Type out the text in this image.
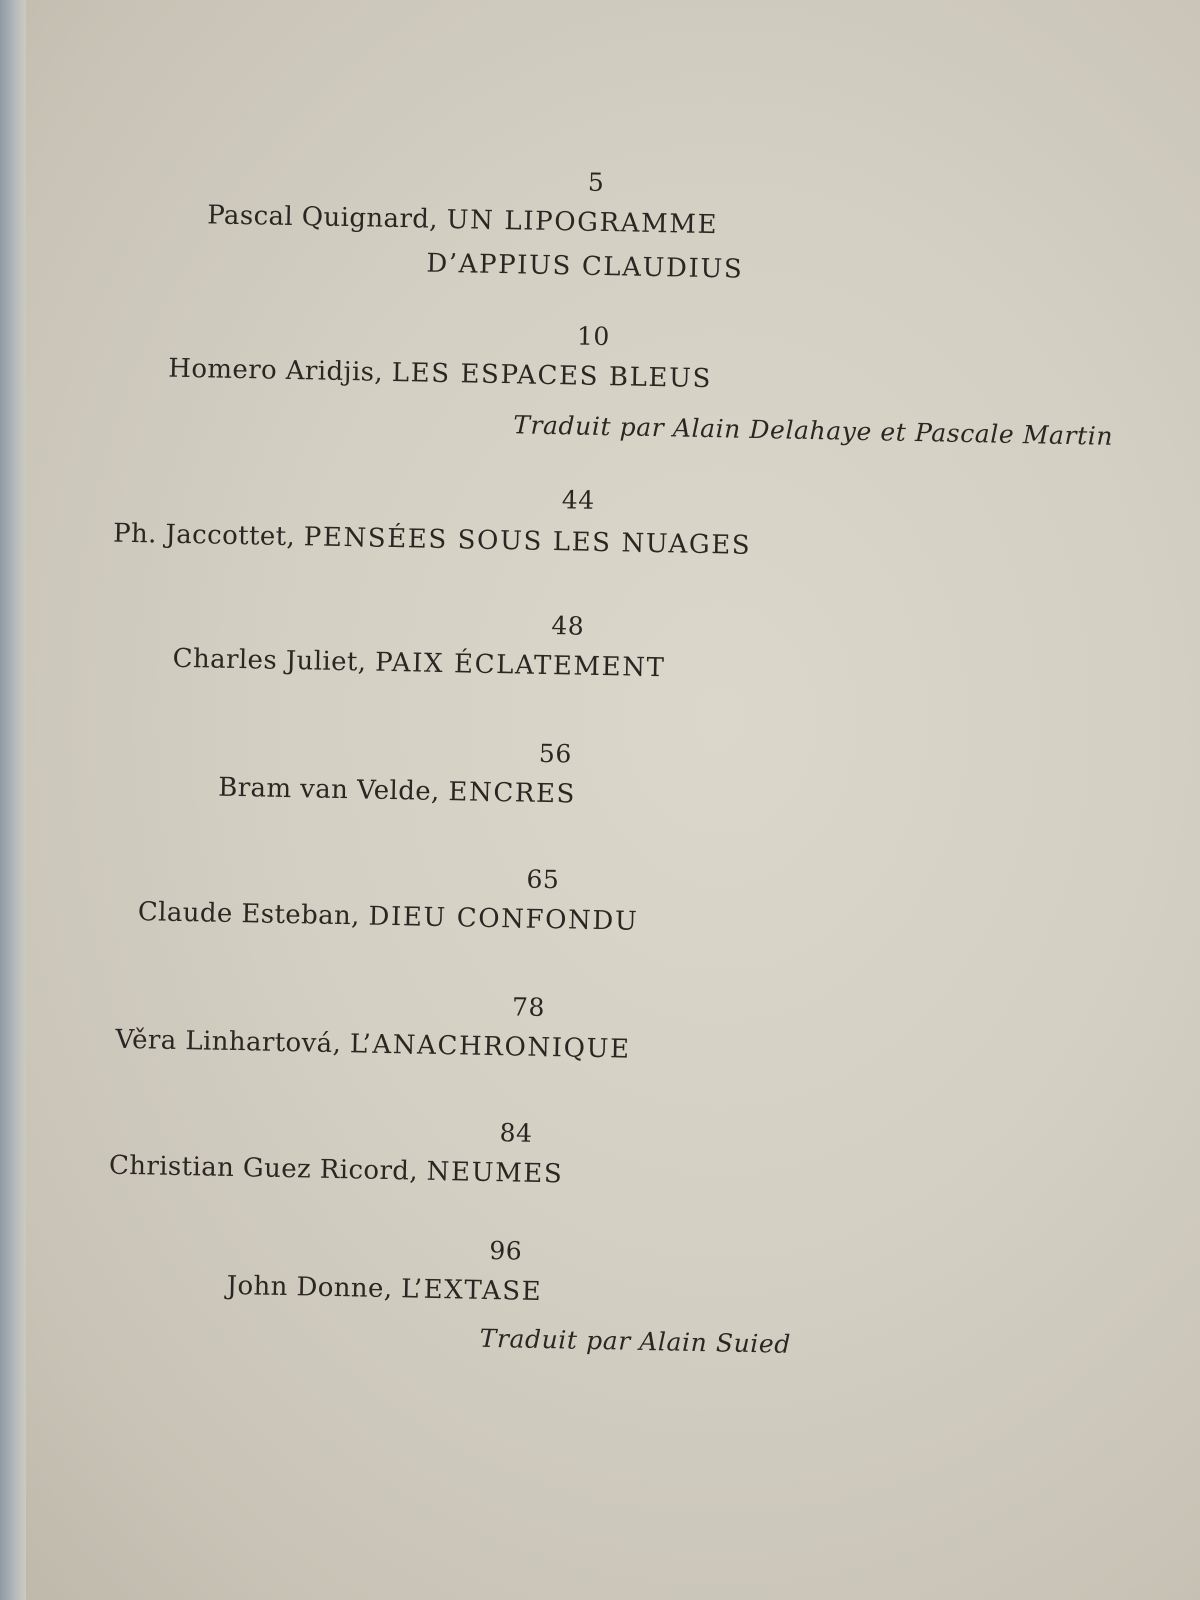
5
Pascal Quignard, UN LIPOGRAMME
D’APPIUS CLAUDIUS
10
Homero Aridjis, LES ESPACES BLEUS
Traduit par Alain Delahaye et Pascale Martin
44
Ph. Jaccottet, PENSÉES SOUS LES NUAGES
48
Charles Juliet, PAIX ÉCLATEMENT
56
Bram van Velde, ENCRES
65
Claude Esteban, DIEU CONFONDU
78
Věra Linhartová, L’ANACHRONIQUE
84
Christian Guez Ricord, NEUMES
96
John Donne, L’EXTASE
Traduit par Alain Suied
